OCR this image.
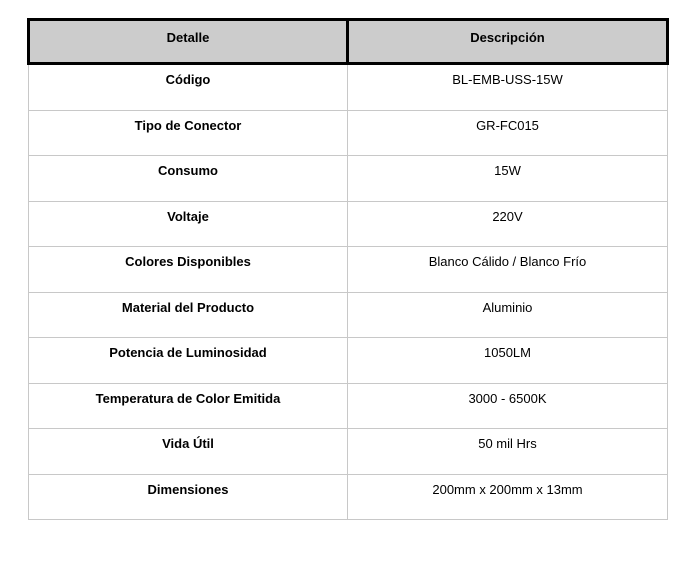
Detalle	Descripción
Código	BL-EMB-USS-15W
Tipo de Conector	GR-FC015
Consumo	15W
Voltaje	220V
Colores Disponibles	Blanco Cálido / Blanco Frío
Material del Producto	Aluminio
Potencia de Luminosidad	1050LM
Temperatura de Color Emitida	3000 - 6500K
Vida Útil	50 mil Hrs
Dimensiones	200mm x 200mm x 13mm
